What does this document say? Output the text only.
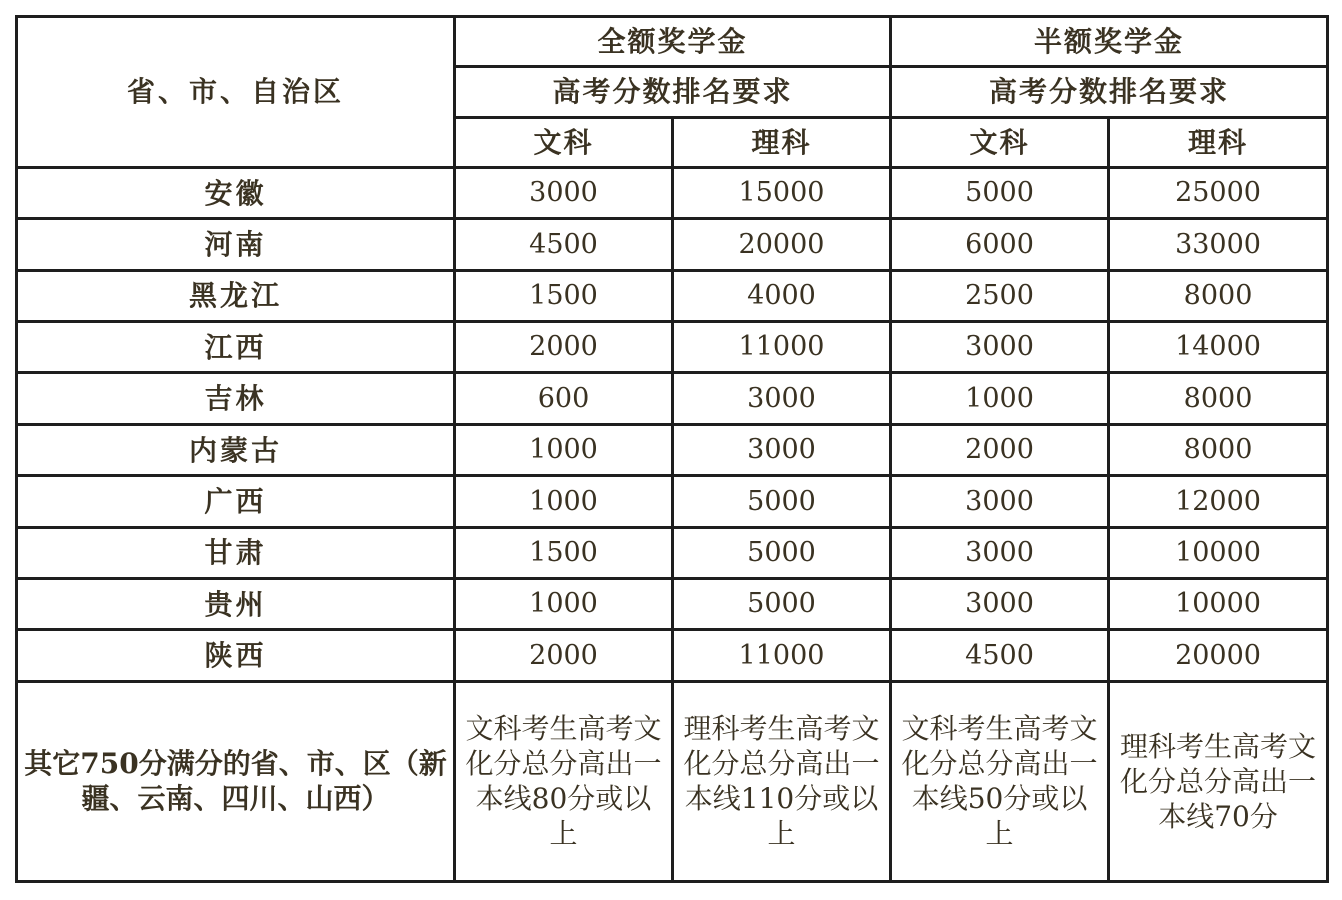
省、市、自治区	全额奖学金		半额奖学金	
	高考分数排名要求		高考分数排名要求	
	文科	理科	文科	理科
安徽	3000	15000	5000	25000
河南	4500	20000	6000	33000
黑龙江	1500	4000	2500	8000
江西	2000	11000	3000	14000
吉林	600	3000	1000	8000
内蒙古	1000	3000	2000	8000
广西	1000	5000	3000	12000
甘肃	1500	5000	3000	10000
贵州	1000	5000	3000	10000
陕西	2000	11000	4500	20000
其它750分满分的省、市、区（新疆、云南、四川、山西）	文科考生高考文化分总分高出一本线80分或以上	理科考生高考文化分总分高出一本线110分或以上	文科考生高考文化分总分高出一本线50分或以上	理科考生高考文化分总分高出一本线70分
